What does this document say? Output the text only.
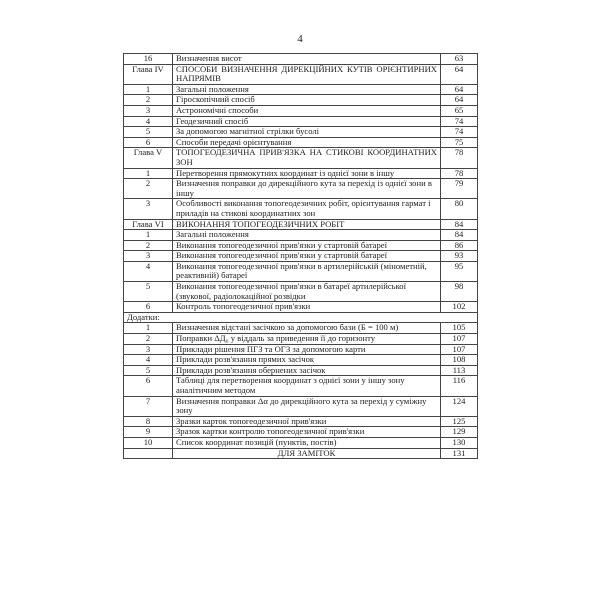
4
16	Визначення висот	63
Глава IV	СПОСОБИ ВИЗНАЧЕННЯ ДИРЕКЦІЙНИХ КУТІВ ОРІЄНТИРНИХ НАПРЯМІВ	64
1	Загальні положення	64
2	Гіроскопічний спосіб	64
3	Астрономічні способи	65
4	Геодезичний спосіб	74
5	За допомогою магнітної стрілки бусолі	74
6	Способи передачі орієнтування	75
Глава V	ТОПОГЕОДЕЗИЧНА ПРИВ'ЯЗКА НА СТИКОВІ КООРДИНАТНИХ ЗОН	78
1	Перетворення прямокутних координат із однієї зони в іншу	78
2	Визначення поправки до дирекційного кута за перехід із однієї зони в іншу	79
3	Особливості виконання топогеодезичних робіт, орієнтування гармат і приладів на стикові координатних зон	80
Глава VI	ВИКОНАННЯ ТОПОГЕОДЕЗИЧНИХ РОБІТ	84
1	Загальні положення	84
2	Виконання топогеодезичної прив'язки у стартовій батареї	86
3	Виконання топогеодезичної прив'язки у стартовій батареї	93
4	Виконання топогеодезичної прив'язки в артилерійській (мінометній, реактивній) батареї	95
5	Виконання топогеодезичної прив'язки в батареї артилерійської (звукової, радіолокаційної розвідки	98
6	Контроль топогеодезичної прив'язки	102
Додатки:		
1	Визначення відстані засічкою за допомогою бази (Б = 100 м)	105
2	Поправки ΔД₀ у віддаль за приведення її до горизонту	107
3	Приклади рішення ПГЗ та ОГЗ за допомогою карти	107
4	Приклади розв'язання прямих засічок	108
5	Приклади розв'язання обернених засічок	113
6	Таблиці для перетворення координат з однієї зони у іншу зону аналітичним методом	116
7	Визначення поправки Δα до дирекційного кута за перехід у суміжну зону	124
8	Зразки карток топогеодезичної прив'язки	125
9	Зразок картки контролю топогеодезичної прив'язки	129
10	Список координат позицій (пунктів, постів)	130
	ДЛЯ ЗАМІТОК	131
